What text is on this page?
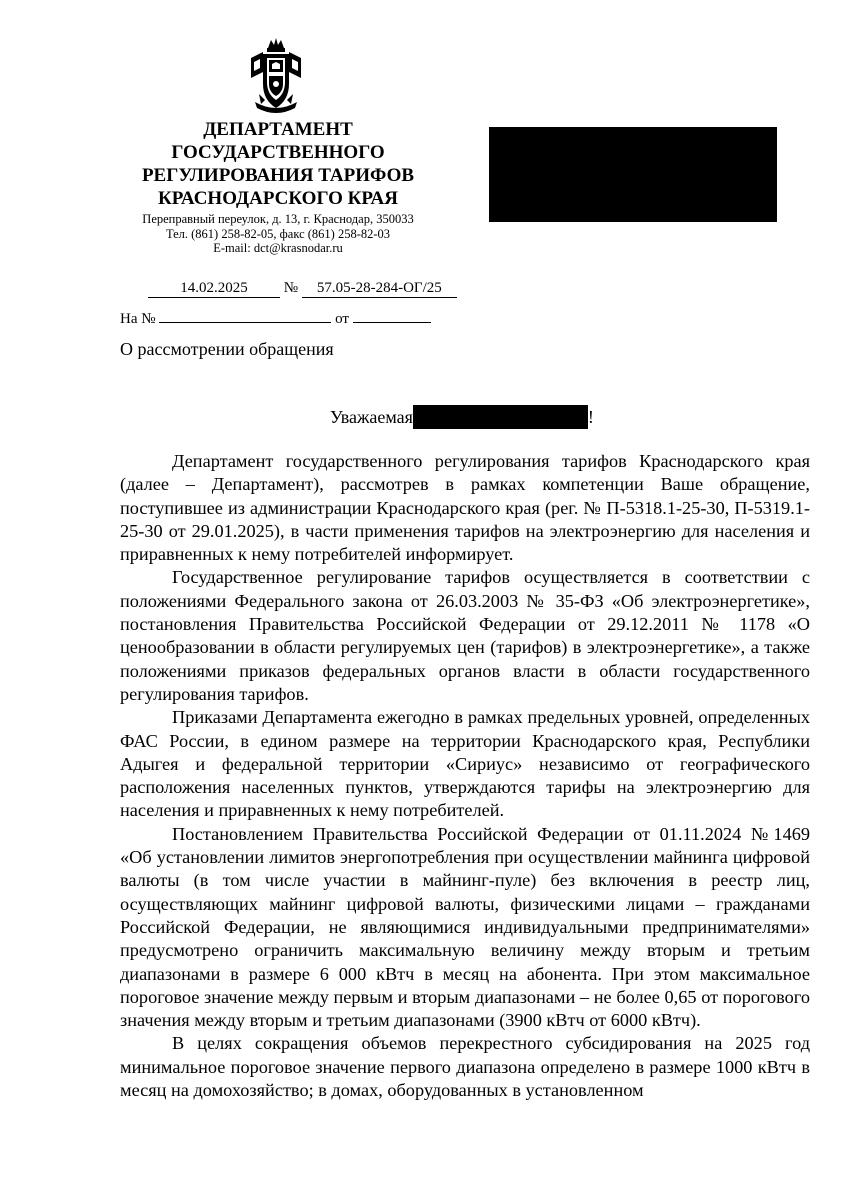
ДЕПАРТАМЕНТ
ГОСУДАРСТВЕННОГО
РЕГУЛИРОВАНИЯ ТАРИФОВ
КРАСНОДАРСКОГО КРАЯ
Переправный переулок, д. 13, г. Краснодар, 350033
Тел. (861) 258-82-05, факс (861) 258-82-03
E-mail: dct@krasnodar.ru
14.02.2025 № 57.05-28-284-ОГ/25
На №	от
О рассмотрении обращения
Уважаемая	!

Департамент государственного регулирования тарифов Краснодарского края (далее – Департамент), рассмотрев в рамках компетенции Ваше обращение, поступившее из администрации Краснодарского края (рег. № П-5318.1-25-30, П-5319.1-25-30 от 29.01.2025), в части применения тарифов на электроэнергию для населения и приравненных к нему потребителей информирует.

Государственное регулирование тарифов осуществляется в соответствии с положениями Федерального закона от 26.03.2003 № 35-ФЗ «Об электроэнергетике», постановления Правительства Российской Федерации от 29.12.2011 № 1178 «О ценообразовании в области регулируемых цен (тарифов) в электроэнергетике», а также положениями приказов федеральных органов власти в области государственного регулирования тарифов.

Приказами Департамента ежегодно в рамках предельных уровней, определенных ФАС России, в едином размере на территории Краснодарского края, Республики Адыгея и федеральной территории «Сириус» независимо от географического расположения населенных пунктов, утверждаются тарифы на электроэнергию для населения и приравненных к нему потребителей.

Постановлением Правительства Российской Федерации от 01.11.2024 №1469 «Об установлении лимитов энергопотребления при осуществлении майнинга цифровой валюты (в том числе участии в майнинг-пуле) без включения в реестр лиц, осуществляющих майнинг цифровой валюты, физическими лицами – гражданами Российской Федерации, не являющимися индивидуальными предпринимателями» предусмотрено ограничить максимальную величину между вторым и третьим диапазонами в размере 6 000 кВтч в месяц на абонента. При этом максимальное пороговое значение между первым и вторым диапазонами – не более 0,65 от порогового значения между вторым и третьим диапазонами (3900 кВтч от 6000 кВтч).

В целях сокращения объемов перекрестного субсидирования на 2025 год минимальное пороговое значение первого диапазона определено в размере 1000 кВтч в месяц на домохозяйство; в домах, оборудованных в установленном
